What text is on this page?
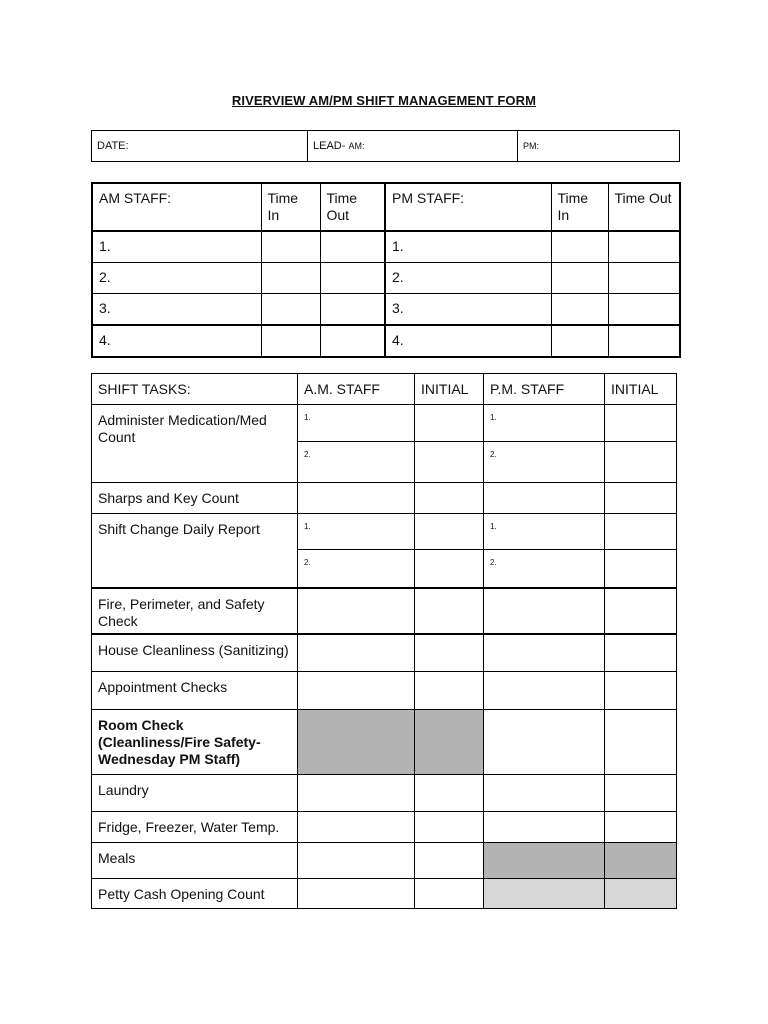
RIVERVIEW AM/PM SHIFT MANAGEMENT FORM
DATE:	LEAD- AM:	PM:
AM STAFF:	Time In	Time Out	PM STAFF:	Time In	Time Out
1.			1.		
2.			2.		
3.			3.		
4.			4.		
SHIFT TASKS:	A.M. STAFF	INITIAL	P.M. STAFF	INITIAL
Administer Medication/Med Count	1.		1.	
	2.		2.	
Sharps and Key Count				
Shift Change Daily Report	1.		1.	
	2.		2.	
Fire, Perimeter, and Safety Check				
House Cleanliness (Sanitizing)				
Appointment Checks				
Room Check (Cleanliness/Fire Safety- Wednesday PM Staff)				
Laundry				
Fridge, Freezer, Water Temp.				
Meals				
Petty Cash Opening Count				
